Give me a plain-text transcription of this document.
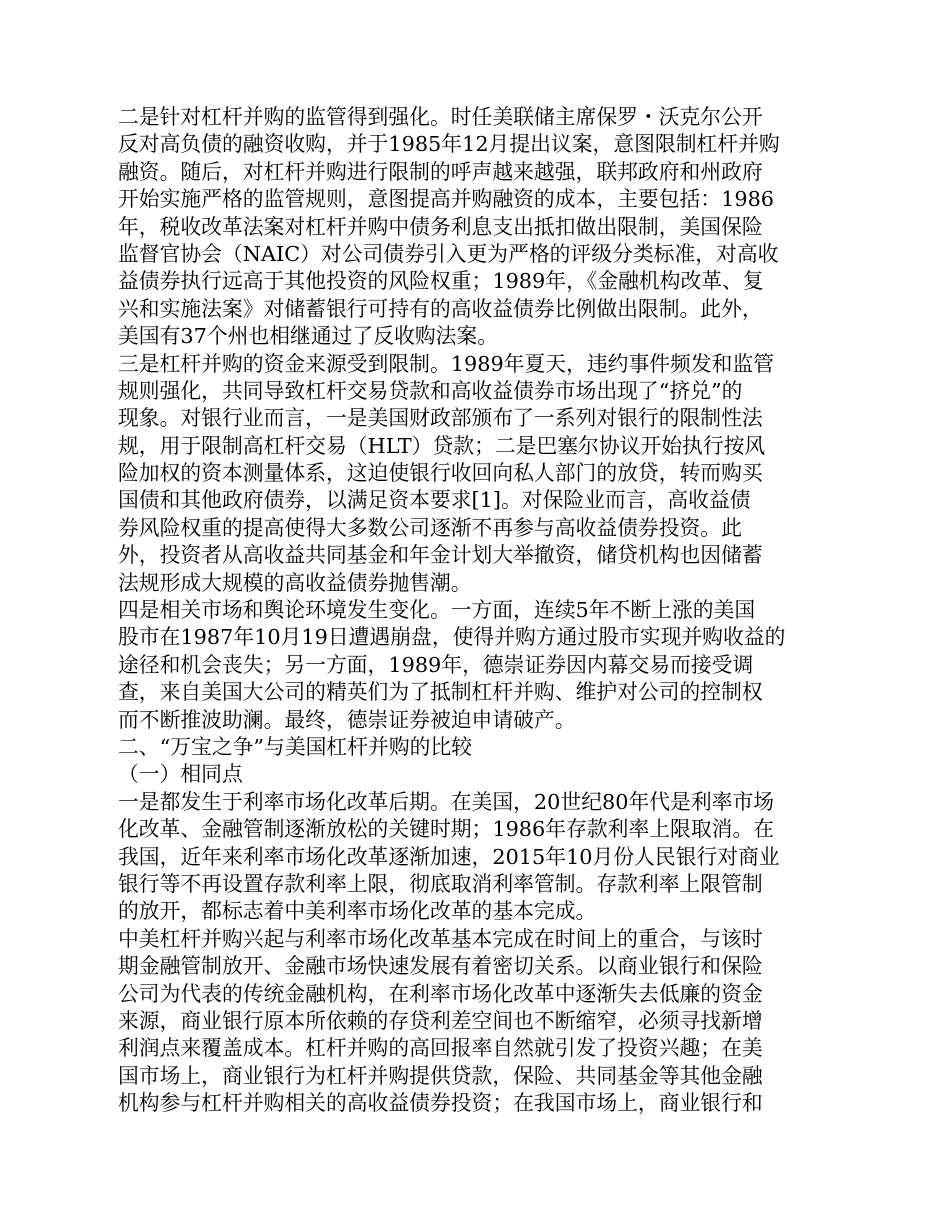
二是针对杠杆并购的监管得到强化。时任美联储主席保罗・沃克尔公开
反对高负债的融资收购，并于1985年12月提出议案，意图限制杠杆并购
融资。随后，对杠杆并购进行限制的呼声越来越强，联邦政府和州政府
开始实施严格的监管规则，意图提高并购融资的成本，主要包括：1986
年，税收改革法案对杠杆并购中债务利息支出抵扣做出限制，美国保险
监督官协会（NAIC）对公司债券引入更为严格的评级分类标准，对高收
益债券执行远高于其他投资的风险权重；1989年，《金融机构改革、复
兴和实施法案》对储蓄银行可持有的高收益债券比例做出限制。此外，
美国有37个州也相继通过了反收购法案。
三是杠杆并购的资金来源受到限制。1989年夏天，违约事件频发和监管
规则强化，共同导致杠杆交易贷款和高收益债券市场出现了“挤兑”的
现象。对银行业而言，一是美国财政部颁布了一系列对银行的限制性法
规，用于限制高杠杆交易（HLT）贷款；二是巴塞尔协议开始执行按风
险加权的资本测量体系，这迫使银行收回向私人部门的放贷，转而购买
国债和其他政府债券，以满足资本要求[1]。对保险业而言，高收益债
券风险权重的提高使得大多数公司逐渐不再参与高收益债券投资。此
外，投资者从高收益共同基金和年金计划大举撤资，储贷机构也因储蓄
法规形成大规模的高收益债券抛售潮。
四是相关市场和舆论环境发生变化。一方面，连续5年不断上涨的美国
股市在1987年10月19日遭遇崩盘，使得并购方通过股市实现并购收益的
途径和机会丧失；另一方面，1989年，德崇证券因内幕交易而接受调
查，来自美国大公司的精英们为了抵制杠杆并购、维护对公司的控制权
而不断推波助澜。最终，德崇证券被迫申请破产。
二、“万宝之争”与美国杠杆并购的比较
（一）相同点
一是都发生于利率市场化改革后期。在美国，20世纪80年代是利率市场
化改革、金融管制逐渐放松的关键时期；1986年存款利率上限取消。在
我国，近年来利率市场化改革逐渐加速，2015年10月份人民银行对商业
银行等不再设置存款利率上限，彻底取消利率管制。存款利率上限管制
的放开，都标志着中美利率市场化改革的基本完成。
中美杠杆并购兴起与利率市场化改革基本完成在时间上的重合，与该时
期金融管制放开、金融市场快速发展有着密切关系。以商业银行和保险
公司为代表的传统金融机构，在利率市场化改革中逐渐失去低廉的资金
来源，商业银行原本所依赖的存贷利差空间也不断缩窄，必须寻找新增
利润点来覆盖成本。杠杆并购的高回报率自然就引发了投资兴趣；在美
国市场上，商业银行为杠杆并购提供贷款，保险、共同基金等其他金融
机构参与杠杆并购相关的高收益债券投资；在我国市场上，商业银行和
